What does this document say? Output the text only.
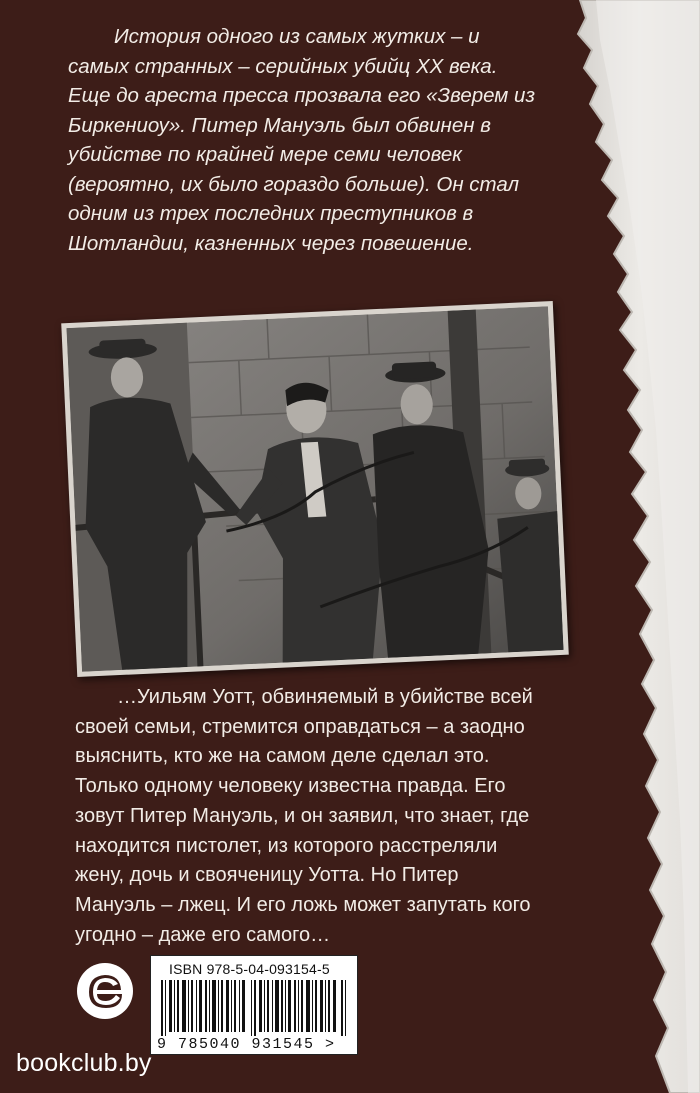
История одного из самых жутких – и самых странных – серийных убийц XX века. Еще до ареста пресса прозвала его «Зверем из Биркениоу». Питер Мануэль был обвинен в убийстве по крайней мере семи человек (вероятно, их было гораздо больше). Он стал одним из трех последних преступников в Шотландии, казненных через повешение.
…Уильям Уотт, обвиняемый в убийстве всей своей семьи, стремится оправдаться – а заодно выяснить, кто же на самом деле сделал это. Только одному человеку известна правда. Его зовут Питер Мануэль, и он заявил, что знает, где находится пистолет, из которого расстреляли жену, дочь и свояченицу Уотта. Но Питер Мануэль – лжец. И его ложь может запутать кого угодно – даже его самого…
ISBN 978-5-04-093154-5
9 785040 931545 >
bookclub.by
